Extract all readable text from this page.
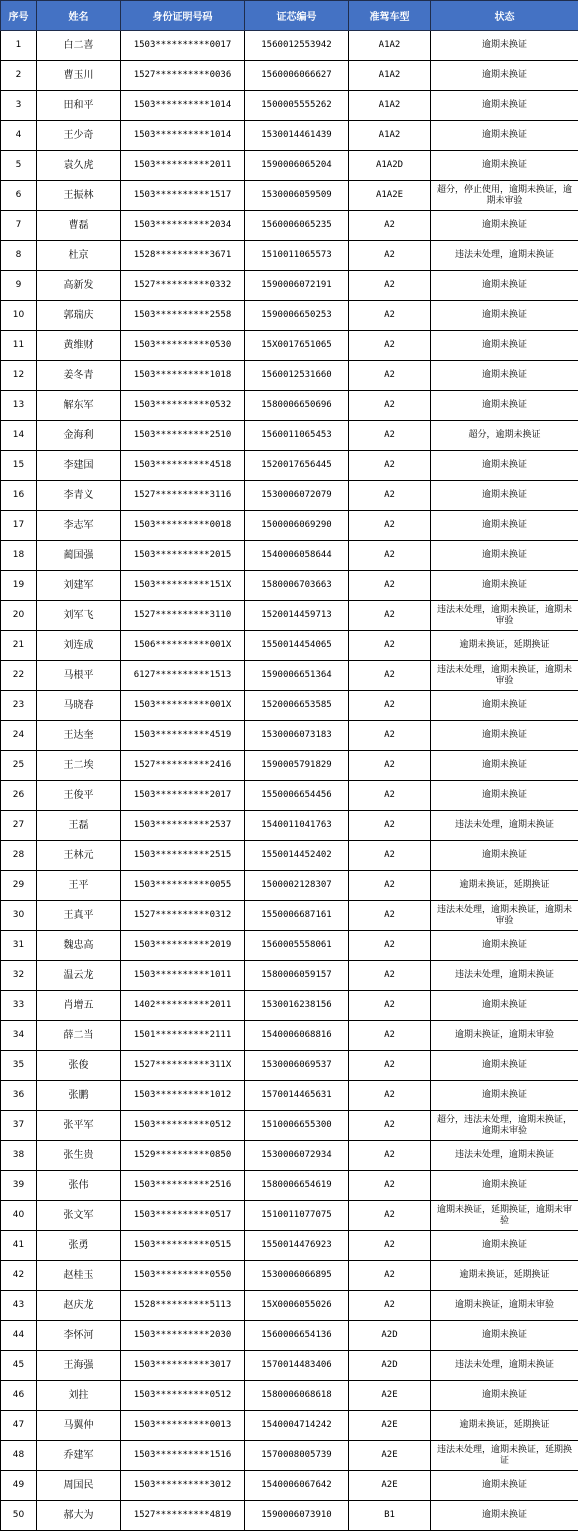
序号	姓名	身份证明号码	证芯编号	准驾车型	状态
1	白二喜	1503**********0017	1560012553942	A1A2	逾期未换证
2	曹玉川	1527**********0036	1560006066627	A1A2	逾期未换证
3	田和平	1503**********1014	1500005555262	A1A2	逾期未换证
4	王少奇	1503**********1014	1530014461439	A1A2	逾期未换证
5	袁久虎	1503**********2011	1590006065204	A1A2D	逾期未换证
6	王振林	1503**********1517	1530006059509	A1A2E	超分，停止使用，逾期未换证，逾期未审验
7	曹磊	1503**********2034	1560006065235	A2	逾期未换证
8	杜京	1528**********3671	1510011065573	A2	违法未处理，逾期未换证
9	高新发	1527**********0332	1590006072191	A2	逾期未换证
10	郭瑞庆	1503**********2558	1590006650253	A2	逾期未换证
11	黄维财	1503**********0530	15X0017651065	A2	逾期未换证
12	姜冬青	1503**********1018	1560012531660	A2	逾期未换证
13	解东军	1503**********0532	1580006650696	A2	逾期未换证
14	金海利	1503**********2510	1560011065453	A2	超分，逾期未换证
15	李建国	1503**********4518	1520017656445	A2	逾期未换证
16	李青义	1527**********3116	1530006072079	A2	逾期未换证
17	李志军	1503**********0018	1500006069290	A2	逾期未换证
18	蔺国强	1503**********2015	1540006058644	A2	逾期未换证
19	刘建军	1503**********151X	1580006703663	A2	逾期未换证
20	刘军飞	1527**********3110	1520014459713	A2	违法未处理，逾期未换证，逾期未审验
21	刘连成	1506**********001X	1550014454065	A2	逾期未换证，延期换证
22	马根平	6127**********1513	1590006651364	A2	违法未处理，逾期未换证，逾期未审验
23	马晓春	1503**********001X	1520006653585	A2	逾期未换证
24	王达奎	1503**********4519	1530006073183	A2	逾期未换证
25	王二埃	1527**********2416	1590005791829	A2	逾期未换证
26	王俊平	1503**********2017	1550006654456	A2	逾期未换证
27	王磊	1503**********2537	1540011041763	A2	违法未处理，逾期未换证
28	王林元	1503**********2515	1550014452402	A2	逾期未换证
29	王平	1503**********0055	1500002128307	A2	逾期未换证，延期换证
30	王真平	1527**********0312	1550006687161	A2	违法未处理，逾期未换证，逾期未审验
31	魏忠高	1503**********2019	1560005558061	A2	逾期未换证
32	温云龙	1503**********1011	1580006059157	A2	违法未处理，逾期未换证
33	肖增五	1402**********2011	1530016238156	A2	逾期未换证
34	薛二当	1501**********2111	1540006068816	A2	逾期未换证，逾期未审验
35	张俊	1527**********311X	1530006069537	A2	逾期未换证
36	张鹏	1503**********1012	1570014465631	A2	逾期未换证
37	张平军	1503**********0512	1510006655300	A2	超分，违法未处理，逾期未换证，逾期未审验
38	张生贵	1529**********0850	1530006072934	A2	违法未处理，逾期未换证
39	张伟	1503**********2516	1580006654619	A2	逾期未换证
40	张文军	1503**********0517	1510011077075	A2	逾期未换证，延期换证，逾期未审验
41	张勇	1503**********0515	1550014476923	A2	逾期未换证
42	赵桂玉	1503**********0550	1530006066895	A2	逾期未换证，延期换证
43	赵庆龙	1528**********5113	15X0006055026	A2	逾期未换证，逾期未审验
44	李怀河	1503**********2030	1560006654136	A2D	逾期未换证
45	王海强	1503**********3017	1570014483406	A2D	违法未处理，逾期未换证
46	刘拄	1503**********0512	1580006068618	A2E	逾期未换证
47	马翼仲	1503**********0013	1540004714242	A2E	逾期未换证，延期换证
48	乔建军	1503**********1516	1570008005739	A2E	违法未处理，逾期未换证，延期换证
49	周国民	1503**********3012	1540006067642	A2E	逾期未换证
50	郝大为	1527**********4819	1590006073910	B1	逾期未换证
